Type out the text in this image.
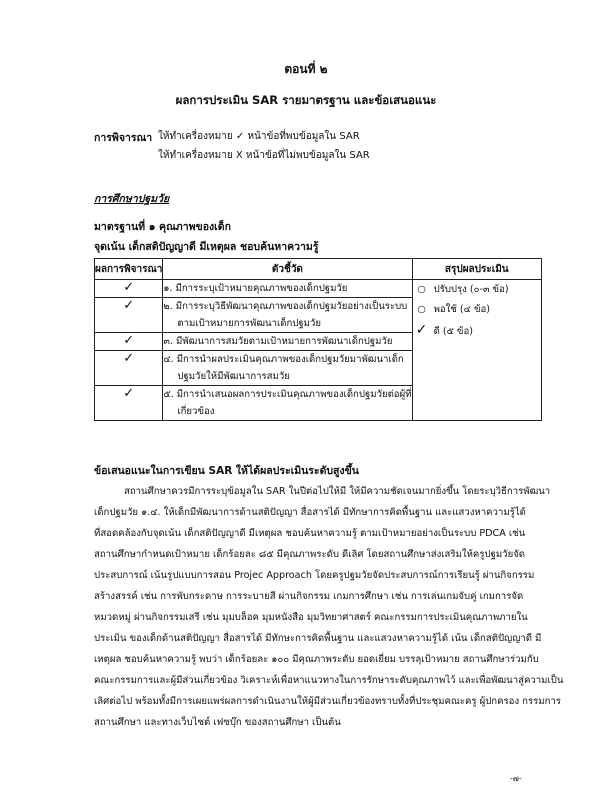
ตอนที่ ๒
ผลการประเมิน SAR รายมาตรฐาน และข้อเสนอแนะ
การพิจารณา ให้ทำเครื่องหมาย ✓ หน้าข้อที่พบข้อมูลใน SAR
ให้ทำเครื่องหมาย X หน้าข้อที่ไม่พบข้อมูลใน SAR
การศึกษาปฐมวัย
มาตรฐานที่ ๑ คุณภาพของเด็ก
จุดเน้น เด็กสติปัญญาดี มีเหตุผล ชอบค้นหาความรู้
ผลการพิจารณา	ตัวชี้วัด	สรุปผลประเมิน
✓	๑. มีการระบุเป้าหมายคุณภาพของเด็กปฐมวัย	○ ปรับปรุง (๐-๓ ข้อ)
○ พอใช้ (๔ ข้อ)
✓ ดี (๕ ข้อ)

✓	๒. มีการระบุวิธีพัฒนาคุณภาพของเด็กปฐมวัยอย่างเป็นระบบ
ตามเป้าหมายการพัฒนาเด็กปฐมวัย	

✓	๓. มีพัฒนาการสมวัยตามเป้าหมายการพัฒนาเด็กปฐมวัย	
✓	๔. มีการนำผลประเมินคุณภาพของเด็กปฐมวัยมาพัฒนาเด็ก
ปฐมวัยให้มีพัฒนาการสมวัย	

✓	๕. มีการนำเสนอผลการประเมินคุณภาพของเด็กปฐมวัยต่อผู้ที่
เกี่ยวข้อง	
ข้อเสนอแนะในการเขียน SAR ให้ได้ผลประเมินระดับสูงขึ้น
สถานศึกษาควรมีการระบุข้อมูลใน SAR ในปีต่อไปให้มี ให้มีความชัดเจนมากยิ่งขึ้น โดยระบุวิธีการพัฒนา
เด็กปฐมวัย ๑.๔. ให้เด็กมีพัฒนาการด้านสติปัญญา สื่อสารได้ มีทักษาการคิดพื้นฐาน และแสวงหาความรู้ได้
ที่สอดคล้องกับจุดเน้น เด็กสติปัญญาดี มีเหตุผล ชอบค้นหาความรู้ ตามเป้าหมายอย่างเป็นระบบ PDCA เช่น
สถานศึกษากำหนดเป้าหมาย เด็กร้อยละ ๘๕ มีคุณภาพระดับ ดีเลิศ โดยสถานศึกษาส่งเสริมให้ครูปฐมวัยจัด
ประสบการณ์ เน้นรูปแบบการสอน Projec Approach โดยครูปฐมวัยจัดประสบการณ์การเรียนรู้ ผ่านกิจกรรม
สร้างสรรค์ เช่น การพับกระดาษ การระบายสี ผ่านกิจกรรม เกมการศึกษา เช่น การเล่นเกมจับคู่ เกมการจัด
หมวดหมู่ ผ่านกิจกรรมเสรี เช่น มุมบล็อค มุมหนังสือ มุมวิทยาศาสตร์ คณะกรรมการประเมินคุณภาพภายใน
ประเมิน ของเด็กด้านสติปัญญา สื่อสารได้ มีทักษะการคิดพื้นฐาน และแสวงหาความรู้ได้ เน้น เด็กสติปัญญาดี มี
เหตุผล ชอบค้นหาความรู้ พบว่า เด็กร้อยละ ๑๐๐ มีคุณภาพระดับ ยอดเยี่ยม บรรลุเป้าหมาย สถานศึกษาร่วมกับ
คณะกรรมการและผู้มีส่วนเกี่ยวข้อง วิเคราะห์เพื่อหาแนวทางในการรักษาระดับคุณภาพไว้ และเพื่อพัฒนาสู่ความเป็น
เลิศต่อไป พร้อมทั้งมีการเผยแพร่ผลการดำเนินงานให้ผู้มีส่วนเกี่ยวข้องทราบทั้งที่ประชุมคณะครู ผู้ปกครอง กรรมการ
สถานศึกษา และทางเว็บไซต์ เฟซบุ๊ก ของสถานศึกษา เป็นต้น
-๗-
